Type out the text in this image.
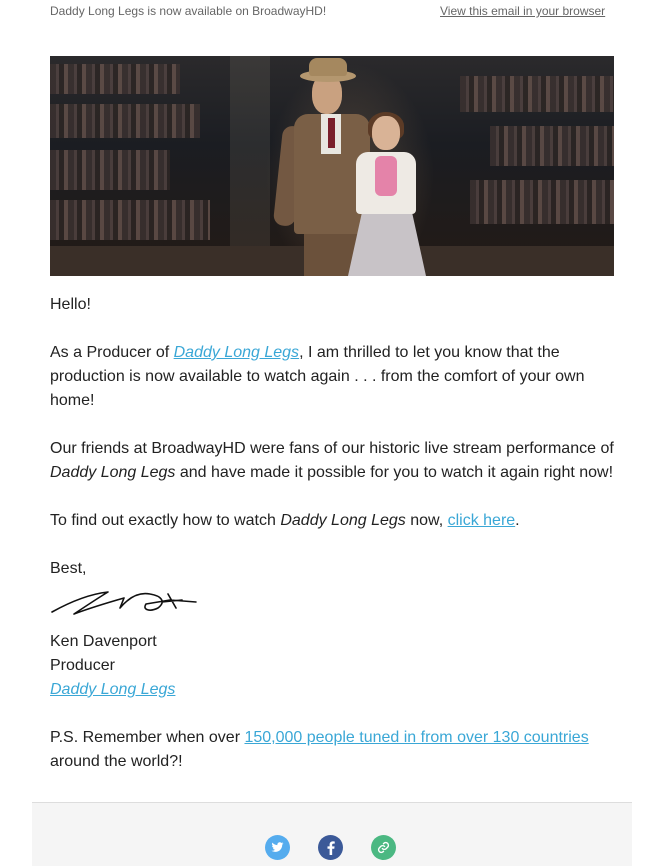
Daddy Long Legs is now available on BroadwayHD!	View this email in your browser

Hello!

As a Producer of Daddy Long Legs, I am thrilled to let you know that the production is now available to watch again . . . from the comfort of your own home!

Our friends at BroadwayHD were fans of our historic live stream performance of Daddy Long Legs and have made it possible for you to watch it again right now!

To find out exactly how to watch Daddy Long Legs now, click here.

Best,

Ken Davenport

Producer

Daddy Long Legs

P.S. Remember when over 150,000 people tuned in from over 130 countries around the world?!
